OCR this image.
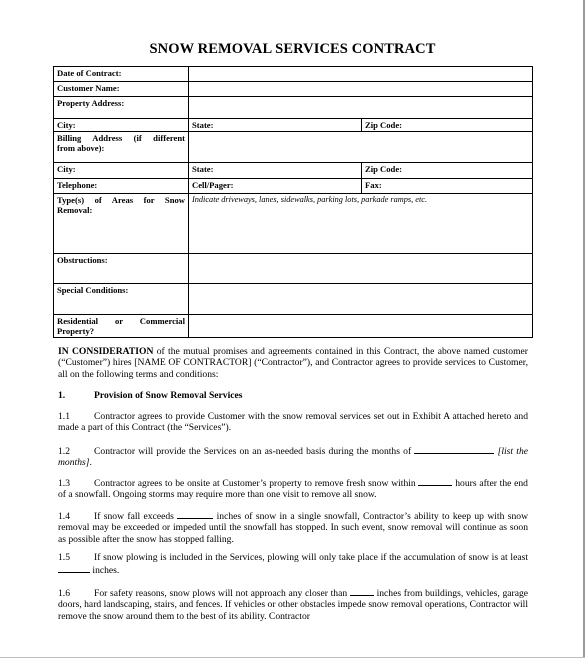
SNOW REMOVAL SERVICES CONTRACT
Date of Contract:		
Customer Name:		
Property Address:		
City:	State:	Zip Code:
Billing Address (if different

from above):		

City:	State:	Zip Code:
Telephone:	Cell/Pager:	Fax:
Type(s) of Areas for Snow

Removal:	Indicate driveways, lanes, sidewalks, parking lots, parkade ramps, etc.	
Obstructions:		
Special Conditions:		
Residential or Commercial

Property?		

IN CONSIDERATION of the mutual promises and agreements contained in this Contract, the above named customer (“Customer”) hires [NAME OF CONTRACTOR] (“Contractor”), and Contractor agrees to provide services to Customer, all on the following terms and conditions:

1.	Provision of Snow Removal Services

1.1	Contractor agrees to provide Customer with the snow removal services set out in Exhibit A attached hereto and made a part of this Contract (the “Services”).

1.2	Contractor will provide the Services on an as-needed basis during the months of	[list the months].

1.3	Contractor agrees to be onsite at Customer’s property to remove fresh snow within	hours after the end of a snowfall. Ongoing storms may require more than one visit to remove all snow.

1.4	If snow fall exceeds	inches of snow in a single snowfall, Contractor’s ability to keep up with snow removal may be exceeded or impeded until the snowfall has stopped. In such event, snow removal will continue as soon as possible after the snow has stopped falling.

1.5	If snow plowing is included in the Services, plowing will only take place if the accumulation of snow is at least  inches.

1.6	For safety reasons, snow plows will not approach any closer than	inches from buildings, vehicles, garage doors, hard landscaping, stairs, and fences. If vehicles or other obstacles impede snow removal operations, Contractor will remove the snow around them to the best of its ability. Contractor
